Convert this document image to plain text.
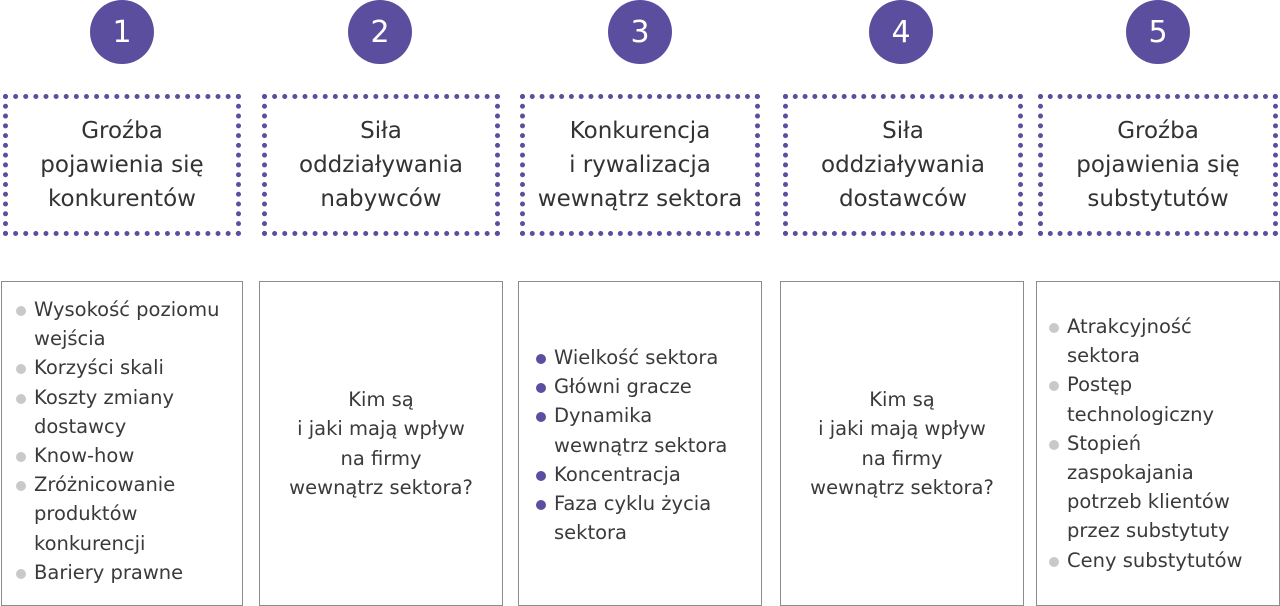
1
Groźba
pojawienia się
konkurentów
Wysokość poziomu
wejścia
Korzyści skali
Koszty zmiany
dostawcy
Know-how
Zróżnicowanie
produktów
konkurencji
Bariery prawne
2
Siła
oddziaływania
nabywców
Kim są
i jaki mają wpływ
na firmy
wewnątrz sektora?
3
Konkurencja
i rywalizacja
wewnątrz sektora
Wielkość sektora
Główni gracze
Dynamika
wewnątrz sektora
Koncentracja
Faza cyklu życia
sektora
4
Siła
oddziaływania
dostawców
Kim są
i jaki mają wpływ
na firmy
wewnątrz sektora?
5
Groźba
pojawienia się
substytutów
Atrakcyjność
sektora
Postęp
technologiczny
Stopień
zaspokajania
potrzeb klientów
przez substytuty
Ceny substytutów
